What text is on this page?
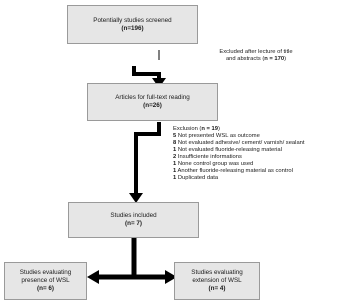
Potentially studies screened
(n=196)
Excluded after lecture of title
and abstracts (n = 170)
Articles for full-text reading
(n=26)
Exclusion (n = 19)
5 Not presented WSL as outcome
8 Not evaluated adhesive/ cement/ varnish/ sealant
1 Not evaluated fluoride-releasing material
2 Insufficiente informations
1 None control group was used
1 Another fluoride-releasing material as control
1 Duplicated data
Studies included
(n= 7)
Studies evaluating
presence of WSL
(n= 6)
Studies evaluating
extension of WSL
(n= 4)
